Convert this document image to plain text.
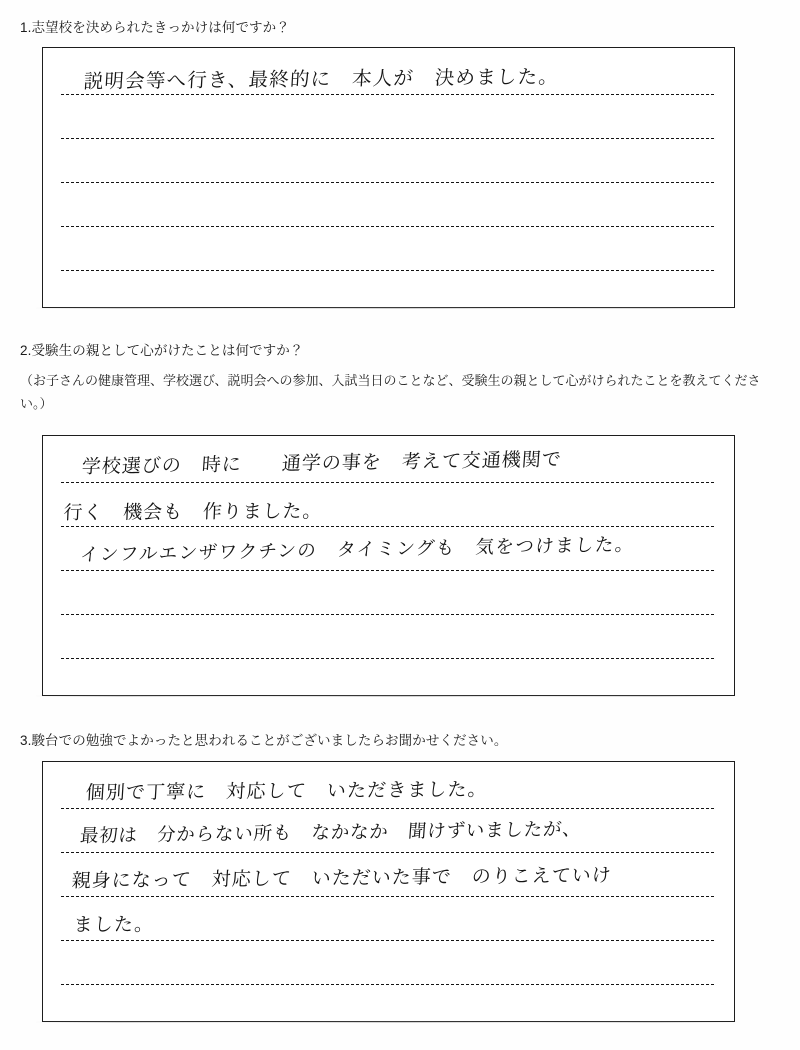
1.志望校を決められたきっかけは何ですか？
説明会等へ行き、最終的に　本人が　決めました。
2.受験生の親として心がけたことは何ですか？
（お子さんの健康管理、学校選び、説明会への参加、入試当日のことなど、受験生の親として心がけられたことを教えてください。）
学校選びの　時に　　通学の事を　考えて交通機関で
行く　機会も　作りました。
インフルエンザワクチンの　タイミングも　気をつけました。
3.駿台での勉強でよかったと思われることがございましたらお聞かせください。
個別で丁寧に　対応して　いただきました。
最初は　分からない所も　なかなか　聞けずいましたが、
親身になって　対応して　いただいた事で　のりこえていけ
ました。
